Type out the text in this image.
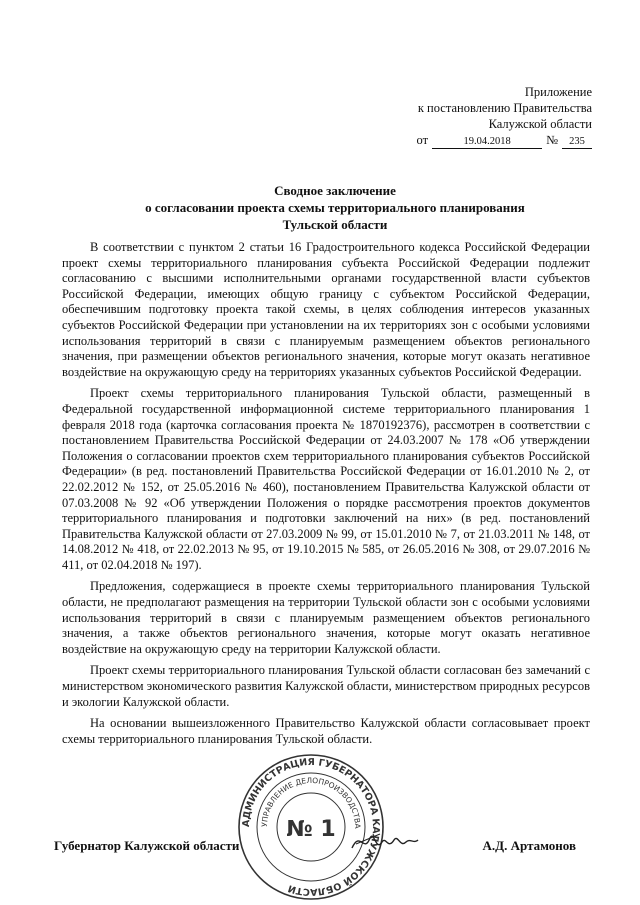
Приложение
к постановлению Правительства
Калужской области
от	19.04.2018	№	235
Сводное заключение
о согласовании проекта схемы территориального планирования
Тульской области

В соответствии с пунктом 2 статьи 16 Градостроительного кодекса Российской Федерации проект схемы территориального планирования субъекта Российской Федерации подлежит согласованию с высшими исполнительными органами государственной власти субъектов Российской Федерации, имеющих общую границу с субъектом Российской Федерации, обеспечившим подготовку проекта такой схемы, в целях соблюдения интересов указанных субъектов Российской Федерации при установлении на их территориях зон с особыми условиями использования территорий в связи с планируемым размещением объектов регионального значения, при размещении объектов регионального значения, которые могут оказать негативное воздействие на окружающую среду на территориях указанных субъектов Российской Федерации.

Проект схемы территориального планирования Тульской области, размещенный в Федеральной государственной информационной системе территориального планирования 1 февраля 2018 года (карточка согласования проекта № 1870192376), рассмотрен в соответствии с постановлением Правительства Российской Федерации от 24.03.2007 № 178 «Об утверждении Положения о согласовании проектов схем территориального планирования субъектов Российской Федерации» (в ред. постановлений Правительства Российской Федерации от 16.01.2010 № 2, от 22.02.2012 № 152, от 25.05.2016 № 460), постановлением Правительства Калужской области от 07.03.2008 № 92 «Об утверждении Положения о порядке рассмотрения проектов документов территориального планирования и подготовки заключений на них» (в ред. постановлений Правительства Калужской области от 27.03.2009 № 99, от 15.01.2010 № 7, от 21.03.2011 № 148, от 14.08.2012 № 418, от 22.02.2013 № 95, от 19.10.2015 № 585, от 26.05.2016 № 308, от 29.07.2016 № 411, от 02.04.2018 № 197).

Предложения, содержащиеся в проекте схемы территориального планирования Тульской области, не предполагают размещения на территории Тульской области зон с особыми условиями использования территорий в связи с планируемым размещением объектов регионального значения, а также объектов регионального значения, которые могут оказать негативное воздействие на окружающую среду на территории Калужской области.

Проект схемы территориального планирования Тульской области согласован без замечаний с министерством экономического развития Калужской области, министерством природных ресурсов и экологии Калужской области.

На основании вышеизложенного Правительство Калужской области согласовывает проект схемы территориального планирования Тульской области.

Губернатор Калужской области	А.Д. Артамонов
АДМИНИСТРАЦИЯ ГУБЕРНАТОРА КАЛУЖСКОЙ ОБЛАСТИ
УПРАВЛЕНИЕ ДЕЛОПРОИЗВОДСТВА
№ 1
